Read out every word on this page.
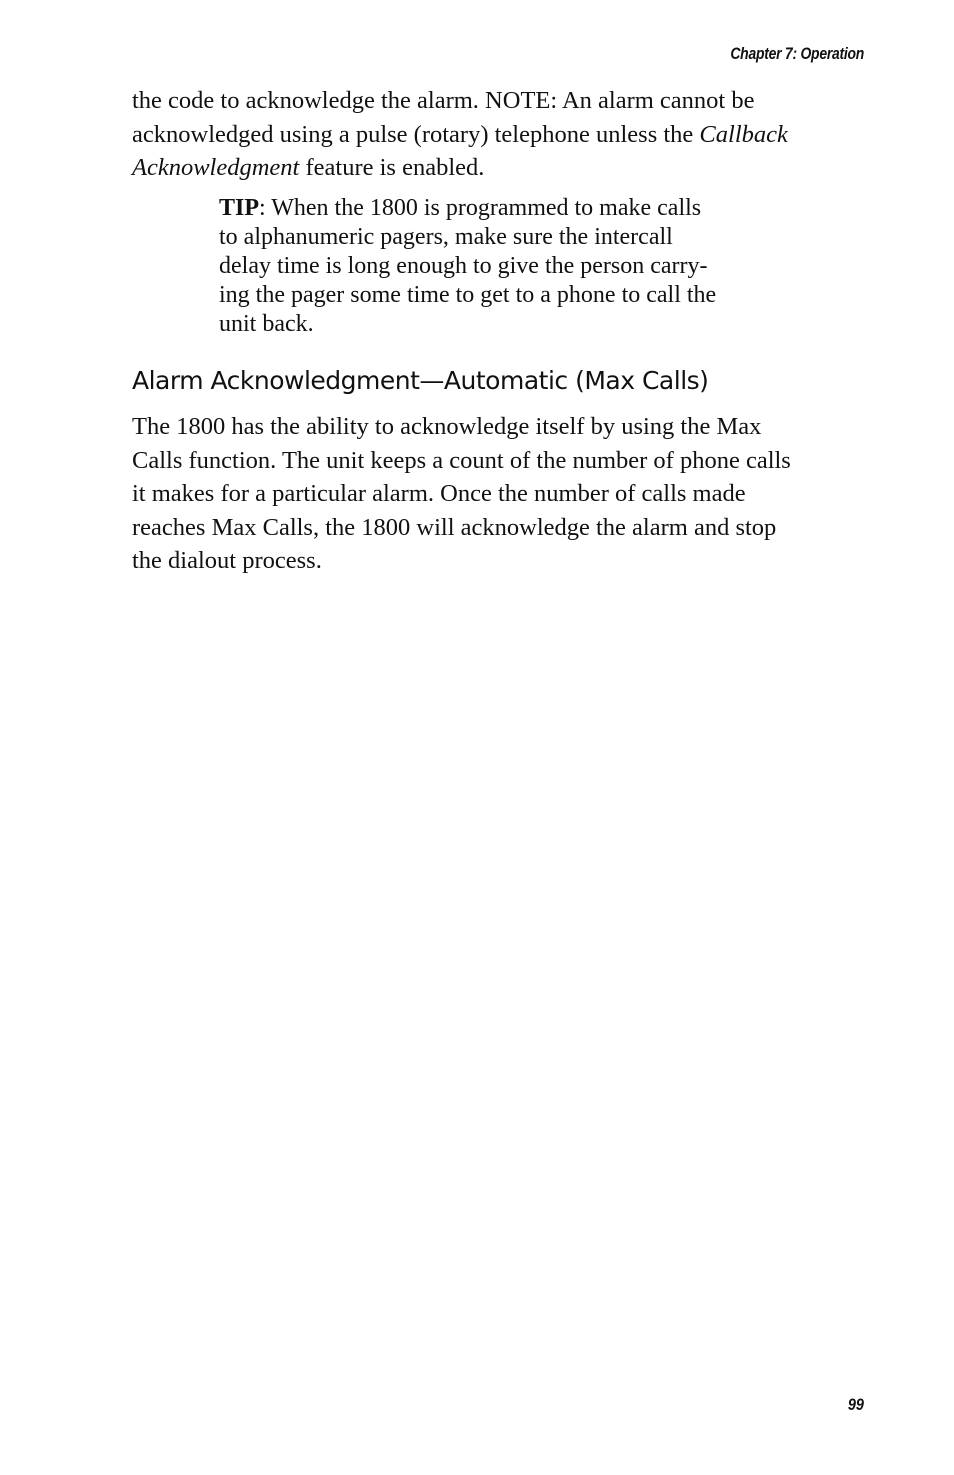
Chapter 7: Operation
the code to acknowledge the alarm. NOTE: An alarm cannot be
acknowledged using a pulse (rotary) telephone unless the Callback
Acknowledgment feature is enabled.
TIP: When the 1800 is programmed to make calls
to alphanumeric pagers, make sure the intercall
delay time is long enough to give the person carry-
ing the pager some time to get to a phone to call the
unit back.
Alarm Acknowledgment—Automatic (Max Calls)
The 1800 has the ability to acknowledge itself by using the Max
Calls function. The unit keeps a count of the number of phone calls
it makes for a particular alarm. Once the number of calls made
reaches Max Calls, the 1800 will acknowledge the alarm and stop
the dialout process.
99
